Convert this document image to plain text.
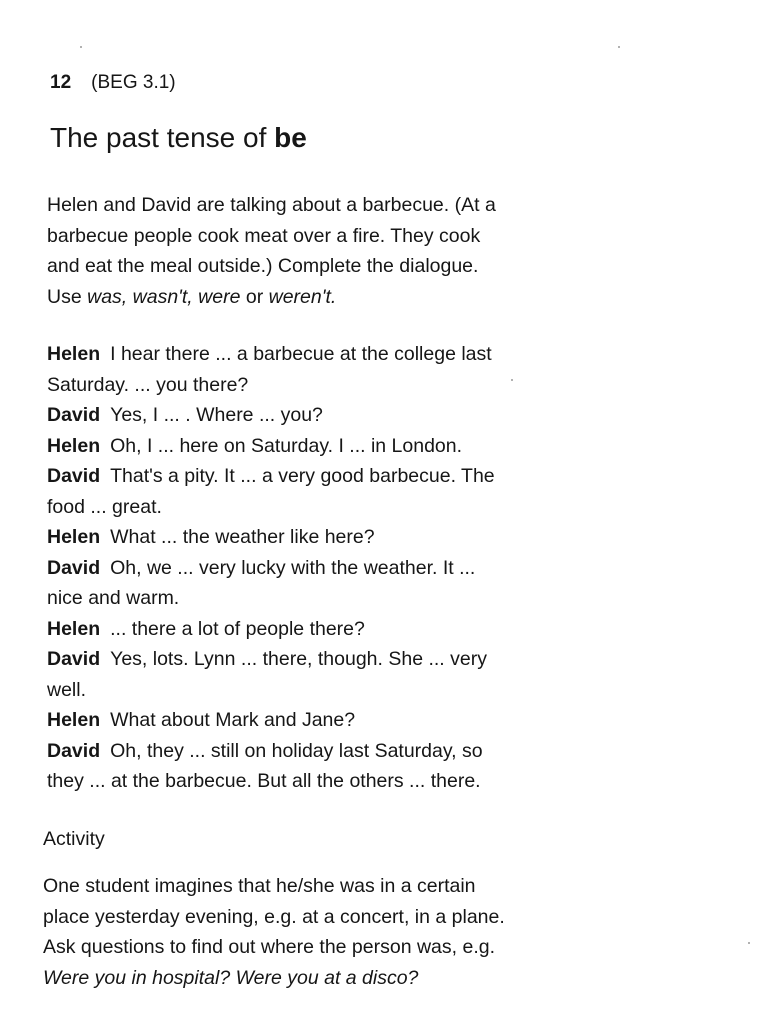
12 (BEG 3.1)
The past tense of be
Helen and David are talking about a barbecue. (At a
barbecue people cook meat over a fire. They cook
and eat the meal outside.) Complete the dialogue.
Use was, wasn't, were or weren't.
Helen I hear there ... a barbecue at the college last
Saturday. ... you there?
David Yes, I ... . Where ... you?
Helen Oh, I ... here on Saturday. I ... in London.
David That's a pity. It ... a very good barbecue. The
food ... great.
Helen What ... the weather like here?
David Oh, we ... very lucky with the weather. It ...
nice and warm.
Helen ... there a lot of people there?
David Yes, lots. Lynn ... there, though. She ... very
well.
Helen What about Mark and Jane?
David Oh, they ... still on holiday last Saturday, so
they ... at the barbecue. But all the others ... there.
Activity
One student imagines that he/she was in a certain
place yesterday evening, e.g. at a concert, in a plane.
Ask questions to find out where the person was, e.g.
Were you in hospital? Were you at a disco?
